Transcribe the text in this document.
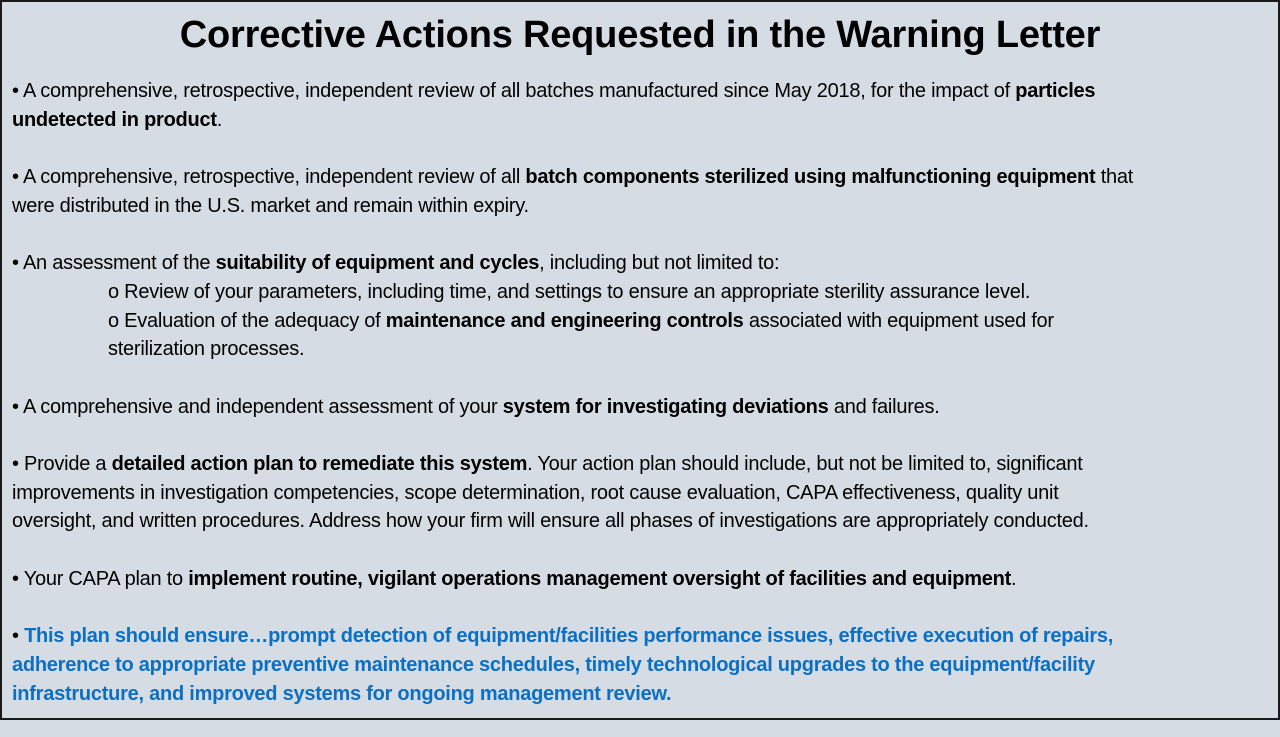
Corrective Actions Requested in the Warning Letter

• A comprehensive, retrospective, independent review of all batches manufactured since May 2018, for the impact of particles
undetected in product.

• A comprehensive, retrospective, independent review of all batch components sterilized using malfunctioning equipment that
were distributed in the U.S. market and remain within expiry.

• An assessment of the suitability of equipment and cycles, including but not limited to:
o Review of your parameters, including time, and settings to ensure an appropriate sterility assurance level.
o Evaluation of the adequacy of maintenance and engineering controls associated with equipment used for
sterilization processes.

• A comprehensive and independent assessment of your system for investigating deviations and failures.

• Provide a detailed action plan to remediate this system. Your action plan should include, but not be limited to, significant
improvements in investigation competencies, scope determination, root cause evaluation, CAPA effectiveness, quality unit
oversight, and written procedures. Address how your firm will ensure all phases of investigations are appropriately conducted.

• Your CAPA plan to implement routine, vigilant operations management oversight of facilities and equipment.

• This plan should ensure…prompt detection of equipment/facilities performance issues, effective execution of repairs,
adherence to appropriate preventive maintenance schedules, timely technological upgrades to the equipment/facility
infrastructure, and improved systems for ongoing management review.
